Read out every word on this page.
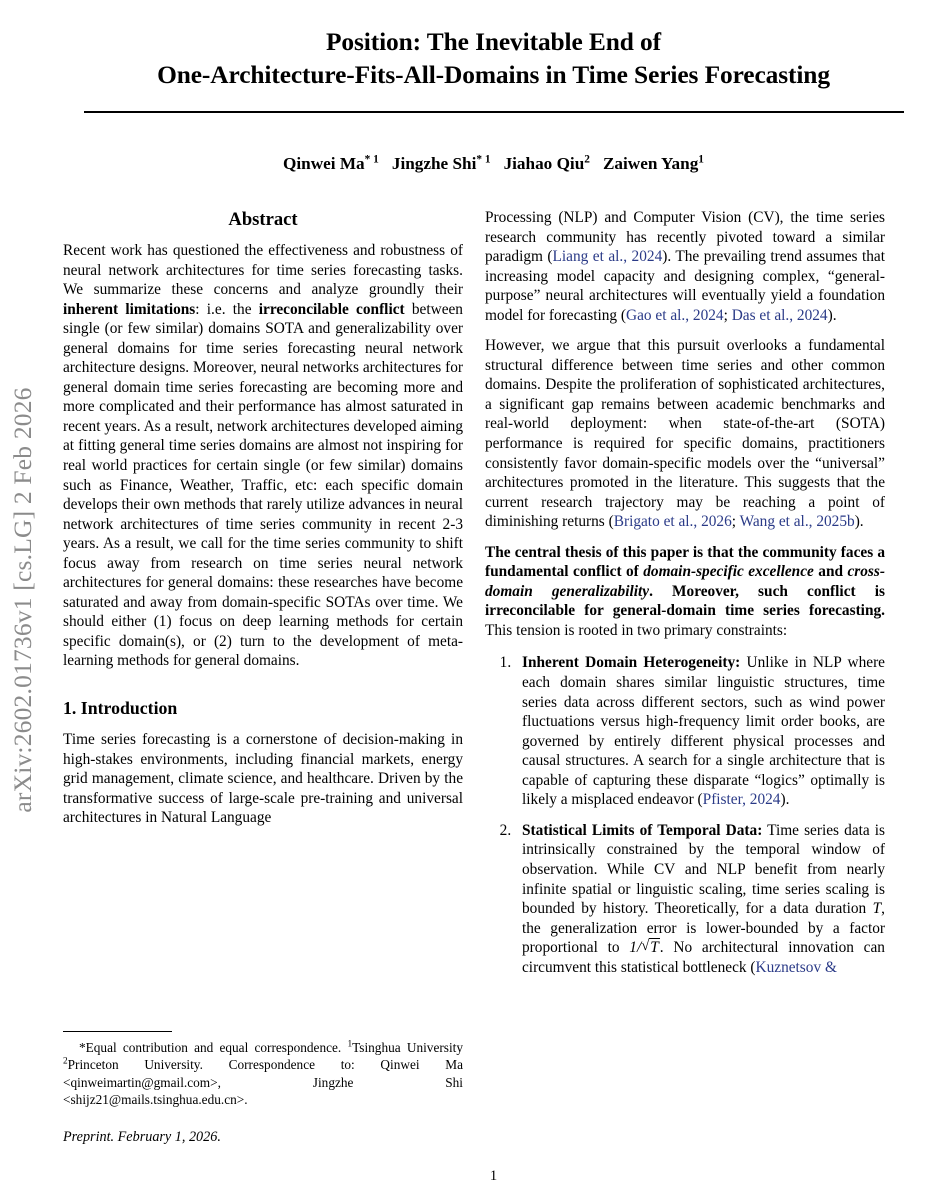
arXiv:2602.01736v1 [cs.LG] 2 Feb 2026
Position: The Inevitable End of
One-Architecture-Fits-All-Domains in Time Series Forecasting
Qinwei Ma$^{* 1}$ Jingzhe Shi$^{* 1}$ Jiahao Qiu$^2$ Zaiwen Yang$^1$
Abstract

Recent work has questioned the effectiveness and robustness of neural network architectures for time series forecasting tasks. We summarize these concerns and analyze groundly their inherent limitations: i.e. the irreconcilable conflict between single (or few similar) domains SOTA and generalizability over general domains for time series forecasting neural network architecture designs. Moreover, neural networks architectures for general domain time series forecasting are becoming more and more complicated and their performance has almost saturated in recent years. As a result, network architectures developed aiming at fitting general time series domains are almost not inspiring for real world practices for certain single (or few similar) domains such as Finance, Weather, Traffic, etc: each specific domain develops their own methods that rarely utilize advances in neural network architectures of time series community in recent 2-3 years. As a result, we call for the time series community to shift focus away from research on time series neural network architectures for general domains: these researches have become saturated and away from domain-specific SOTAs over time. We should either (1) focus on deep learning methods for certain specific domain(s), or (2) turn to the development of meta-learning methods for general domains.

1. Introduction

Time series forecasting is a cornerstone of decision-making in high-stakes environments, including financial markets, energy grid management, climate science, and healthcare. Driven by the transformative success of large-scale pre-training and universal architectures in Natural Language

Processing (NLP) and Computer Vision (CV), the time series research community has recently pivoted toward a similar paradigm (Liang et al., 2024). The prevailing trend assumes that increasing model capacity and designing complex, “general-purpose” neural architectures will eventually yield a foundation model for forecasting (Gao et al., 2024; Das et al., 2024).

However, we argue that this pursuit overlooks a fundamental structural difference between time series and other common domains. Despite the proliferation of sophisticated architectures, a significant gap remains between academic benchmarks and real-world deployment: when state-of-the-art (SOTA) performance is required for specific domains, practitioners consistently favor domain-specific models over the “universal” architectures promoted in the literature. This suggests that the current research trajectory may be reaching a point of diminishing returns (Brigato et al., 2026; Wang et al., 2025b).

The central thesis of this paper is that the community faces a fundamental conflict of domain-specific excellence and cross-domain generalizability. Moreover, such conflict is irreconcilable for general-domain time series forecasting. This tension is rooted in two primary constraints:

1. Inherent Domain Heterogeneity: Unlike in NLP where each domain shares similar linguistic structures, time series data across different sectors, such as wind power fluctuations versus high-frequency limit order books, are governed by entirely different physical processes and causal structures. A search for a single architecture that is capable of capturing these disparate “logics” optimally is likely a misplaced endeavor (Pfister, 2024).
2. Statistical Limits of Temporal Data: Time series data is intrinsically constrained by the temporal window of observation. While CV and NLP benefit from nearly infinite spatial or linguistic scaling, time series scaling is bounded by history. Theoretically, for a data duration T, the generalization error is lower-bounded by a factor proportional to 1/ √ T. No architectural innovation can circumvent this statistical bottleneck (Kuznetsov &
*Equal contribution and equal correspondence. $^1$Tsinghua University $^2$Princeton University. Correspondence to: Qinwei Ma <qinweimartin@gmail.com>, Jingzhe Shi <shijz21@mails.tsinghua.edu.cn>.
Preprint. February 1, 2026.
1
